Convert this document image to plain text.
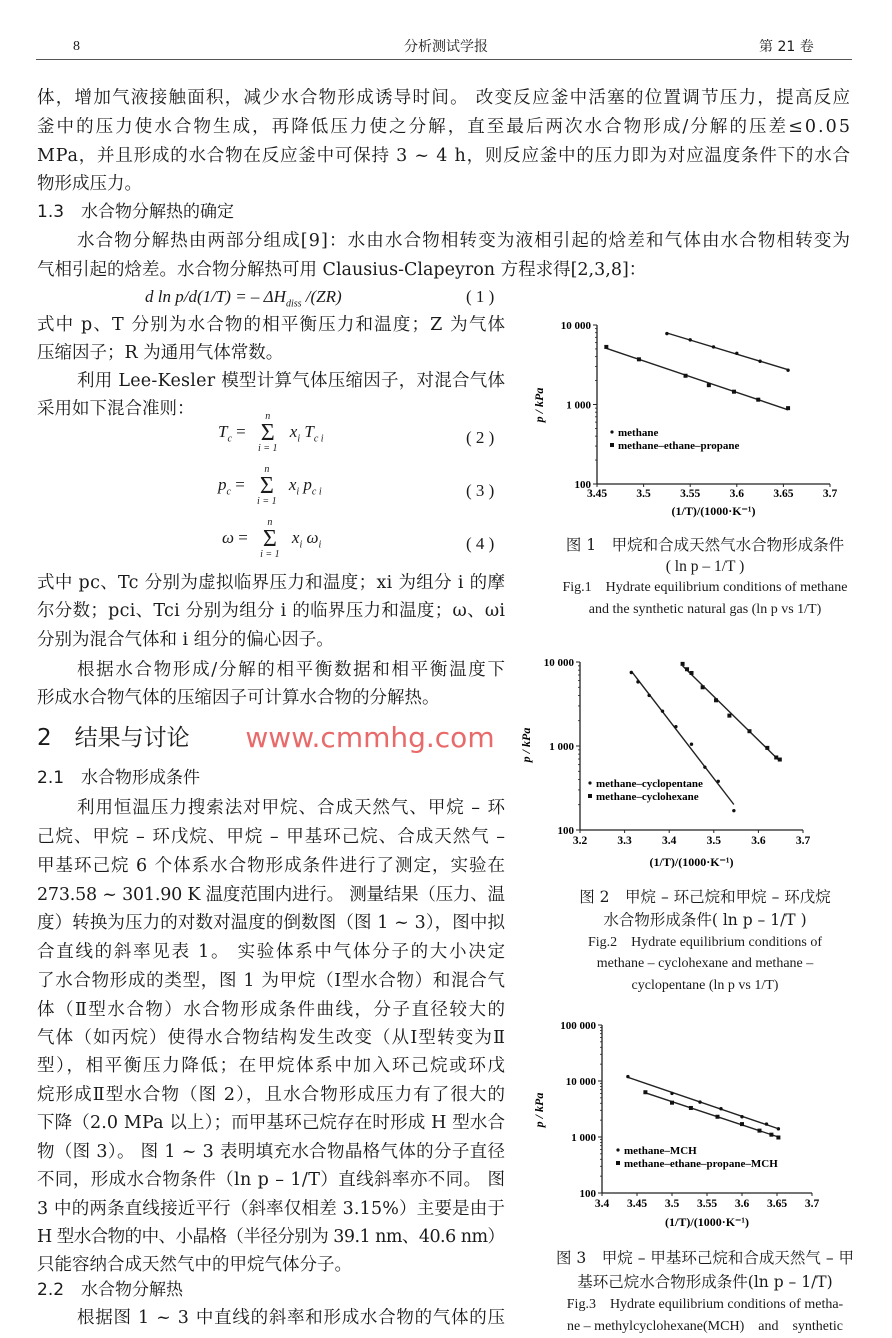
8	分析测试学报	第 21 卷
体，增加气液接触面积，减少水合物形成诱导时间。 改变反应釜中活塞的位置调节压力，提高反应
釜中的压力使水合物生成，再降低压力使之分解，直至最后两次水合物形成/分解的压差≤0.05
MPa，并且形成的水合物在反应釜中可保持 3 ~ 4 h，则反应釜中的压力即为对应温度条件下的水合
物形成压力。
水合物分解热由两部分组成[9]：水由水合物相转变为液相引起的焓差和气体由水合物相转变为
气相引起的焓差。水合物分解热可用 Clausius-Clapeyron 方程求得[2,3,8]：
式中 p、T 分别为水合物的相平衡压力和温度；Z 为气体
压缩因子；R 为通用气体常数。
利用 Lee-Kesler 模型计算气体压缩因子，对混合气体
采用如下混合准则：
式中 pc、Tc 分别为虚拟临界压力和温度；xi 为组分 i 的摩
尔分数；pci、Tci 分别为组分 i 的临界压力和温度；ω、ωi
分别为混合气体和 i 组分的偏心因子。
根据水合物形成/分解的相平衡数据和相平衡温度下
形成水合物气体的压缩因子可计算水合物的分解热。
利用恒温压力搜索法对甲烷、合成天然气、甲烷 – 环
己烷、甲烷 – 环戊烷、甲烷 – 甲基环己烷、合成天然气 –
甲基环己烷 6 个体系水合物形成条件进行了测定，实验在
273.58 ~ 301.90 K 温度范围内进行。 测量结果（压力、温
度）转换为压力的对数对温度的倒数图（图 1 ~ 3），图中拟
合直线的斜率见表 1。 实验体系中气体分子的大小决定
了水合物形成的类型，图 1 为甲烷（Ⅰ型水合物）和混合气
体（Ⅱ型水合物）水合物形成条件曲线，分子直径较大的
气体（如丙烷）使得水合物结构发生改变（从Ⅰ型转变为Ⅱ
型），相平衡压力降低；在甲烷体系中加入环己烷或环戊
烷形成Ⅱ型水合物（图 2），且水合物形成压力有了很大的
下降（2.0 MPa 以上）；而甲基环己烷存在时形成 H 型水合
物（图 3）。 图 1 ~ 3 表明填充水合物晶格气体的分子直径
不同，形成水合物条件（ln p – 1/T）直线斜率亦不同。 图
3 中的两条直线接近平行（斜率仅相差 3.15%）主要是由于
H 型水合物的中、小晶格（半径分别为 39.1 nm、40.6 nm）
只能容纳合成天然气中的甲烷气体分子。
根据图 1 ~ 3 中直线的斜率和形成水合物的气体的压
1.3　水合物分解热的确定
2　结果与讨论
2.1　水合物形成条件
2.2　水合物分解热
d ln p/d(1/T) = – $\Delta H_{diss}$ /(ZR)	( 1 )
$T_c$ =
n
Σ
i = 1
$x_i$ $T_{c i}$	( 2 )
$p_c$ =
n
Σ
i = 1
$x_i$ $p_{c i}$	( 3 )
ω =
n
Σ
i = 1
$x_i$ $\omega_i$	( 4 )	图 1　甲烷和合成天然气水合物形成条件
( ln p – 1/T )
Fig.1　Hydrate equilibrium conditions of methane
and the synthetic natural gas (ln p vs 1/T)
图 2　甲烷 – 环己烷和甲烷 – 环戊烷
水合物形成条件( ln p – 1/T )
Fig.2　Hydrate equilibrium conditions of
methane – cyclohexane and methane –
cyclopentane (ln p vs 1/T)
图 3　甲烷 – 甲基环己烷和合成天然气 – 甲
基环己烷水合物形成条件(ln p – 1/T)
Fig.3　Hydrate equilibrium conditions of metha-
ne – methylcyclohexane(MCH)　and　synthetic
100
1 000
10 000
3.45	3.5	3.55	3.6	3.65	3.7
(1/T)/(1000·K⁻¹)
p / kPa
methane
methane–ethane–propane
100
1 000
10 000
3.2	3.3	3.4	3.5	3.6	3.7
(1/T)/(1000·K⁻¹)
p / kPa
methane–cyclopentane
methane–cyclohexane
100
1 000
10 000
100 000
3.4 3.45 3.5 3.55 3.6 3.65 3.7
(1/T)/(1000·K⁻¹)
p / kPa
methane–MCH
methane–ethane–propane–MCH
www.cmmhg.com
